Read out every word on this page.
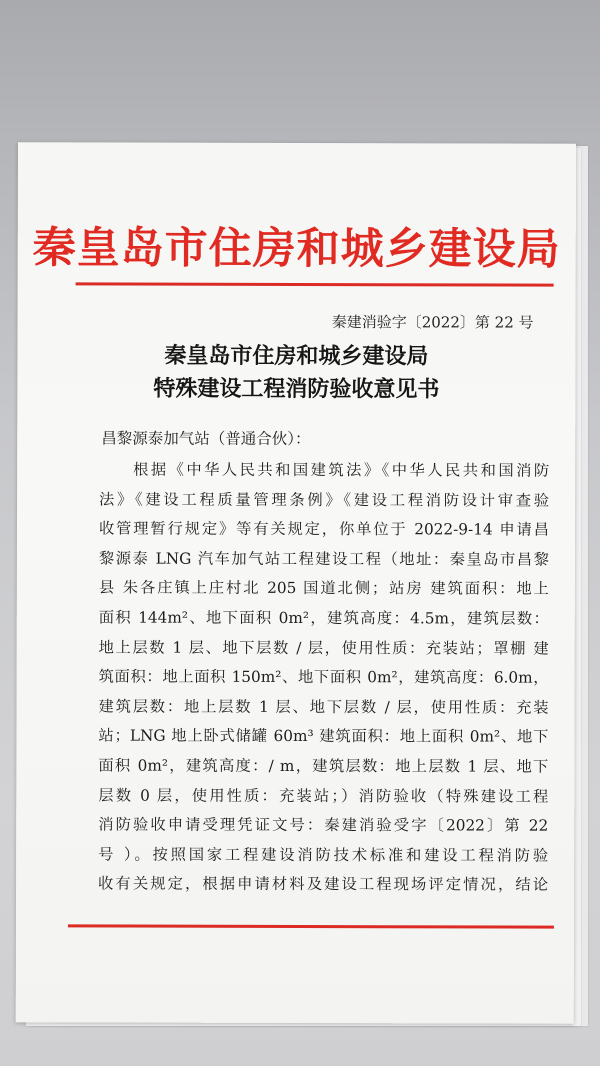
秦皇岛市住房和城乡建设局
秦建消验字〔2022〕第 22 号
秦皇岛市住房和城乡建设局
特殊建设工程消防验收意见书
昌黎源泰加气站（普通合伙）：
根据《中华人民共和国建筑法》《中华人民共和国消防
法》《建设工程质量管理条例》《建设工程消防设计审查验
收管理暂行规定》等有关规定，你单位于 2022-9-14 申请昌
黎源泰 LNG 汽车加气站工程建设工程（地址：秦皇岛市昌黎
县 朱各庄镇上庄村北 205 国道北侧；站房 建筑面积：地上
面积 144m²、地下面积 0m²，建筑高度：4.5m，建筑层数：
地上层数 1 层、地下层数 / 层，使用性质：充装站；罩棚 建
筑面积：地上面积 150m²、地下面积 0m²，建筑高度：6.0m，
建筑层数：地上层数 1 层、地下层数 / 层，使用性质：充装
站；LNG 地上卧式储罐 60m³ 建筑面积：地上面积 0m²、地下
面积 0m²，建筑高度：/ m，建筑层数：地上层数 1 层、地下
层数 0 层，使用性质：充装站；）消防验收（特殊建设工程
消防验收申请受理凭证文号：秦建消验受字〔2022〕第 22
号 ）。按照国家工程建设消防技术标准和建设工程消防验
收有关规定，根据申请材料及建设工程现场评定情况，结论
